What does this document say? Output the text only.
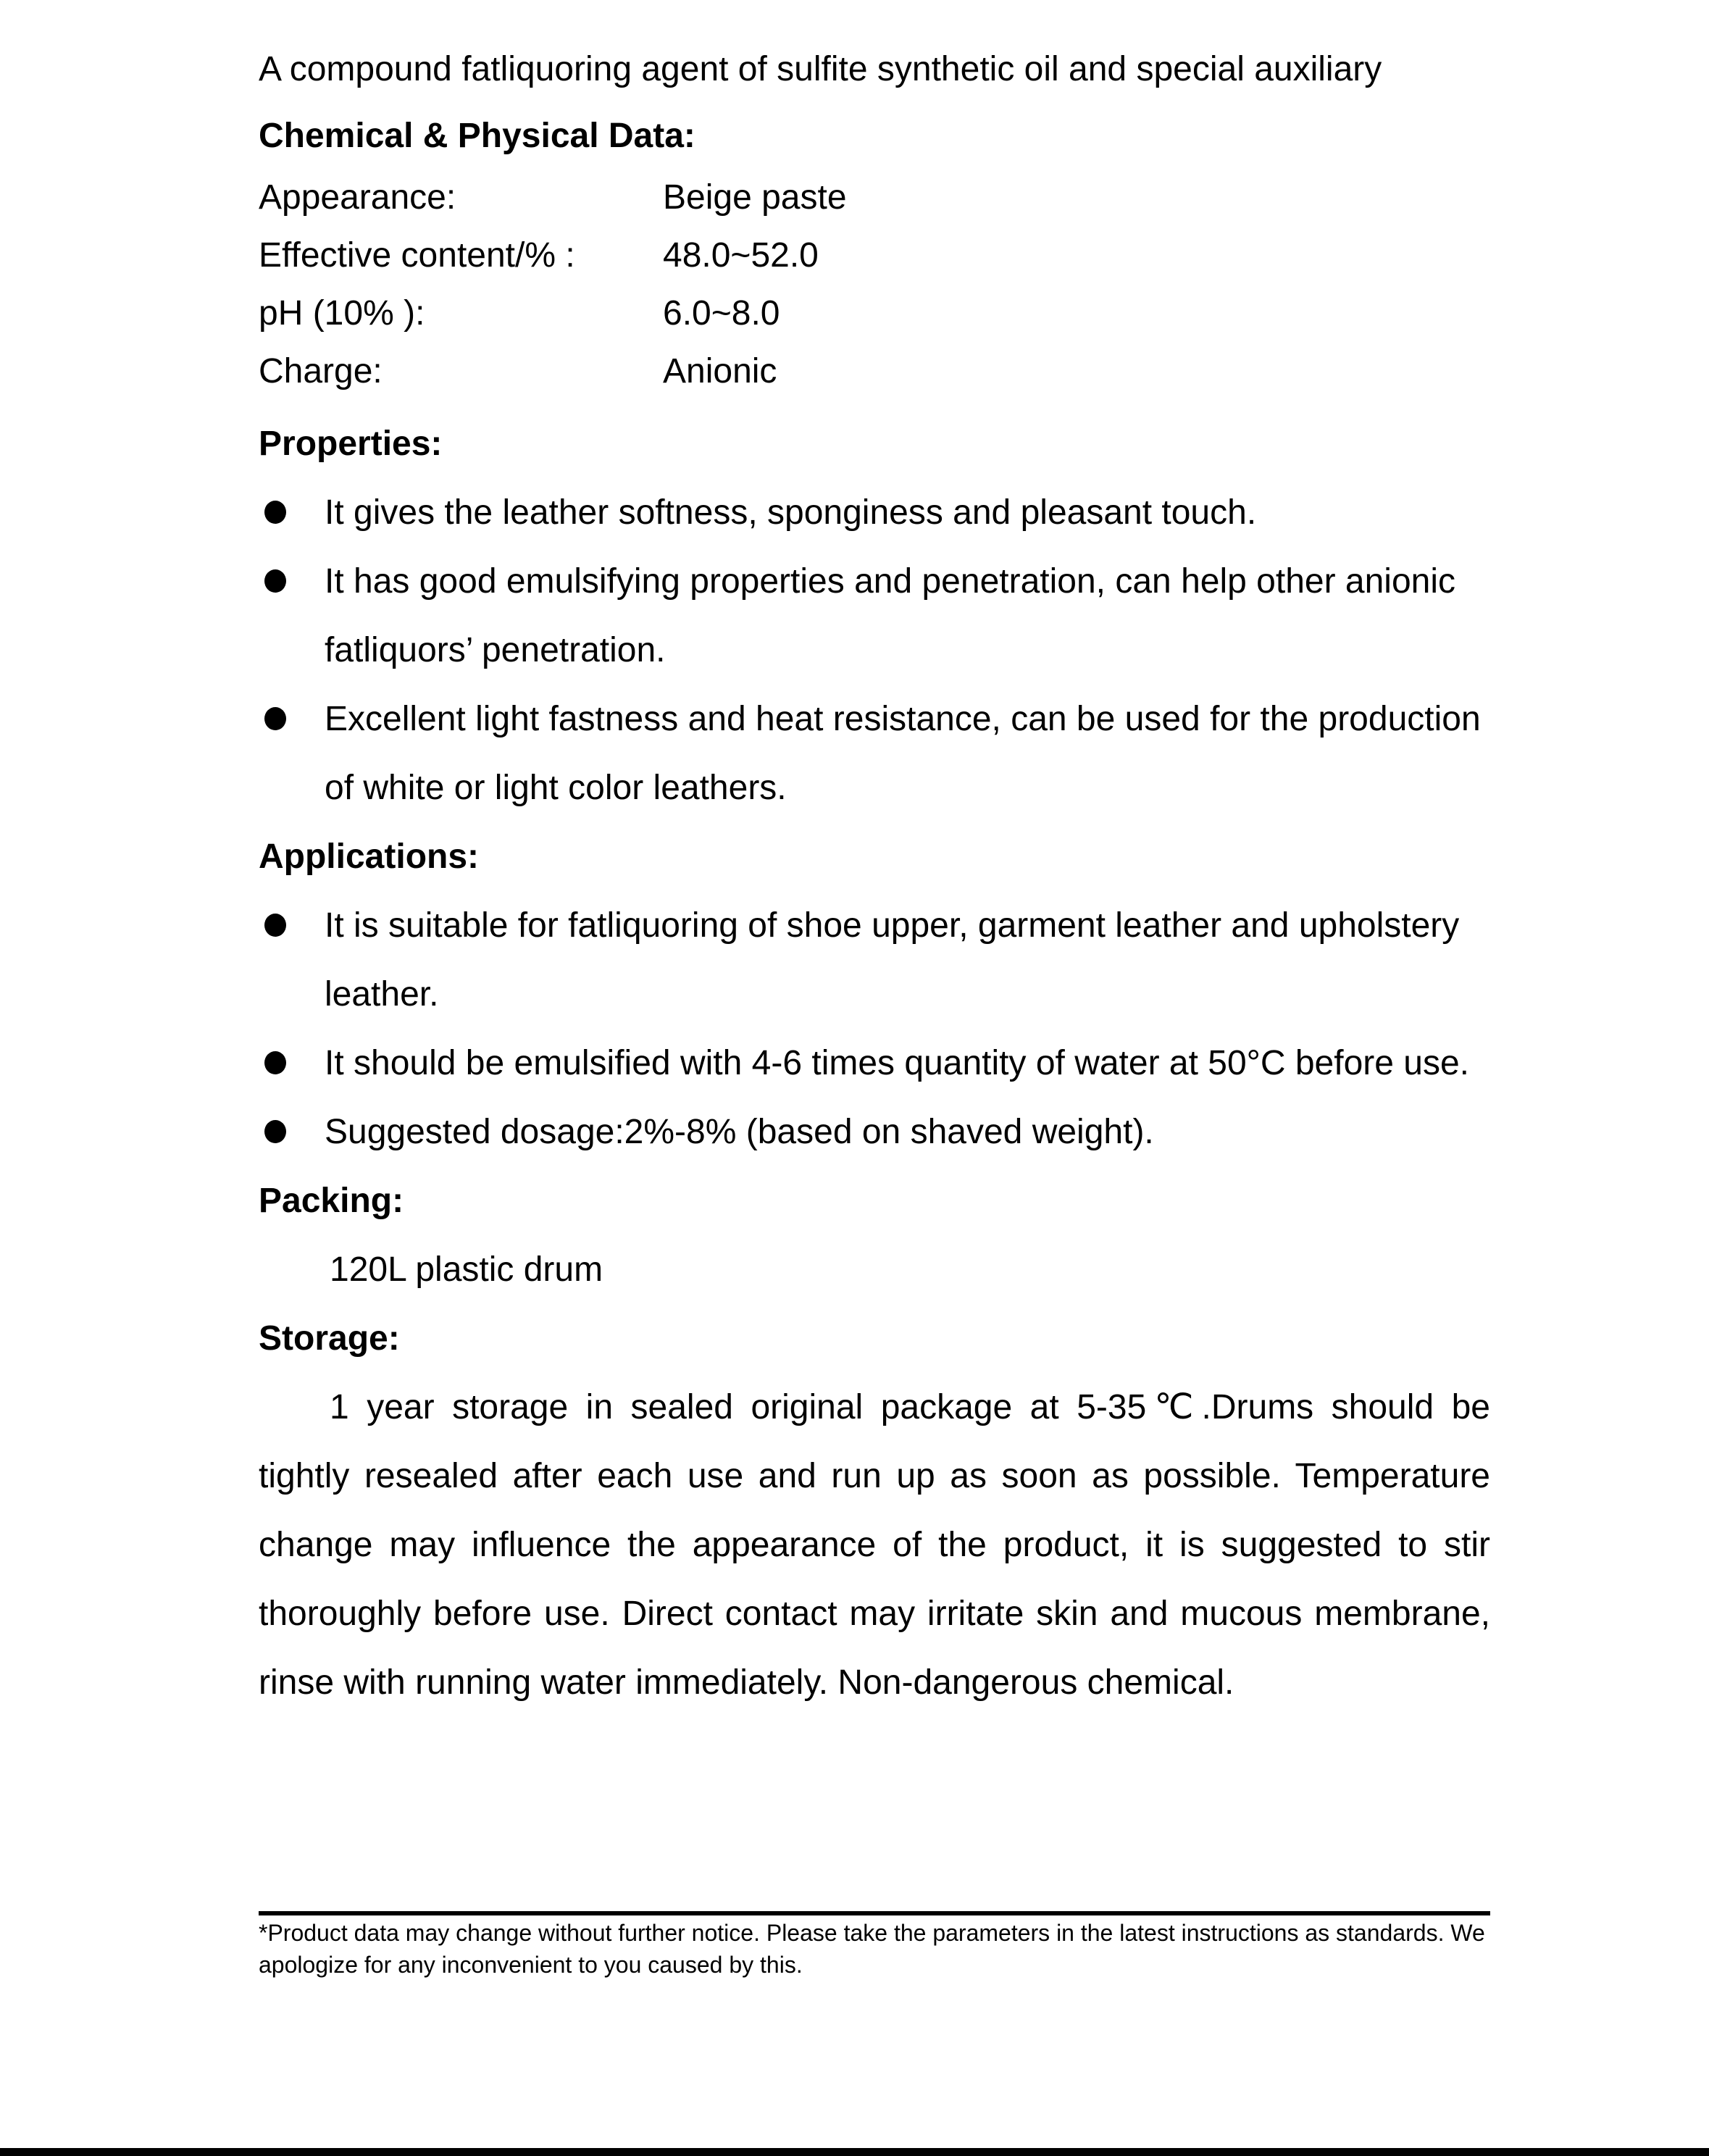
A compound fatliquoring agent of sulfite synthetic oil and special auxiliary
Chemical & Physical Data:
Appearance:	Beige paste
Effective content/% :	48.0~52.0
pH (10% ):	6.0~8.0
Charge:	Anionic
Properties:
It gives the leather softness, sponginess and pleasant touch.
It has good emulsifying properties and penetration, can help other anionic fatliquors’ penetration.
Excellent light fastness and heat resistance, can be used for the production of white or light color leathers.
Applications:
It is suitable for fatliquoring of shoe upper, garment leather and upholstery leather.
It should be emulsified with 4-6 times quantity of water at 50°C before use.
Suggested dosage:2%-8% (based on shaved weight).
Packing:
120L plastic drum
Storage:
1 year storage in sealed original package at 5-35℃.Drums should be tightly resealed after each use and run up as soon as possible. Temperature change may influence the appearance of the product, it is suggested to stir thoroughly before use. Direct contact may irritate skin and mucous membrane, rinse with running water immediately. Non-dangerous chemical.
*Product data may change without further notice. Please take the parameters in the latest instructions as standards. We apologize for any inconvenient to you caused by this.
